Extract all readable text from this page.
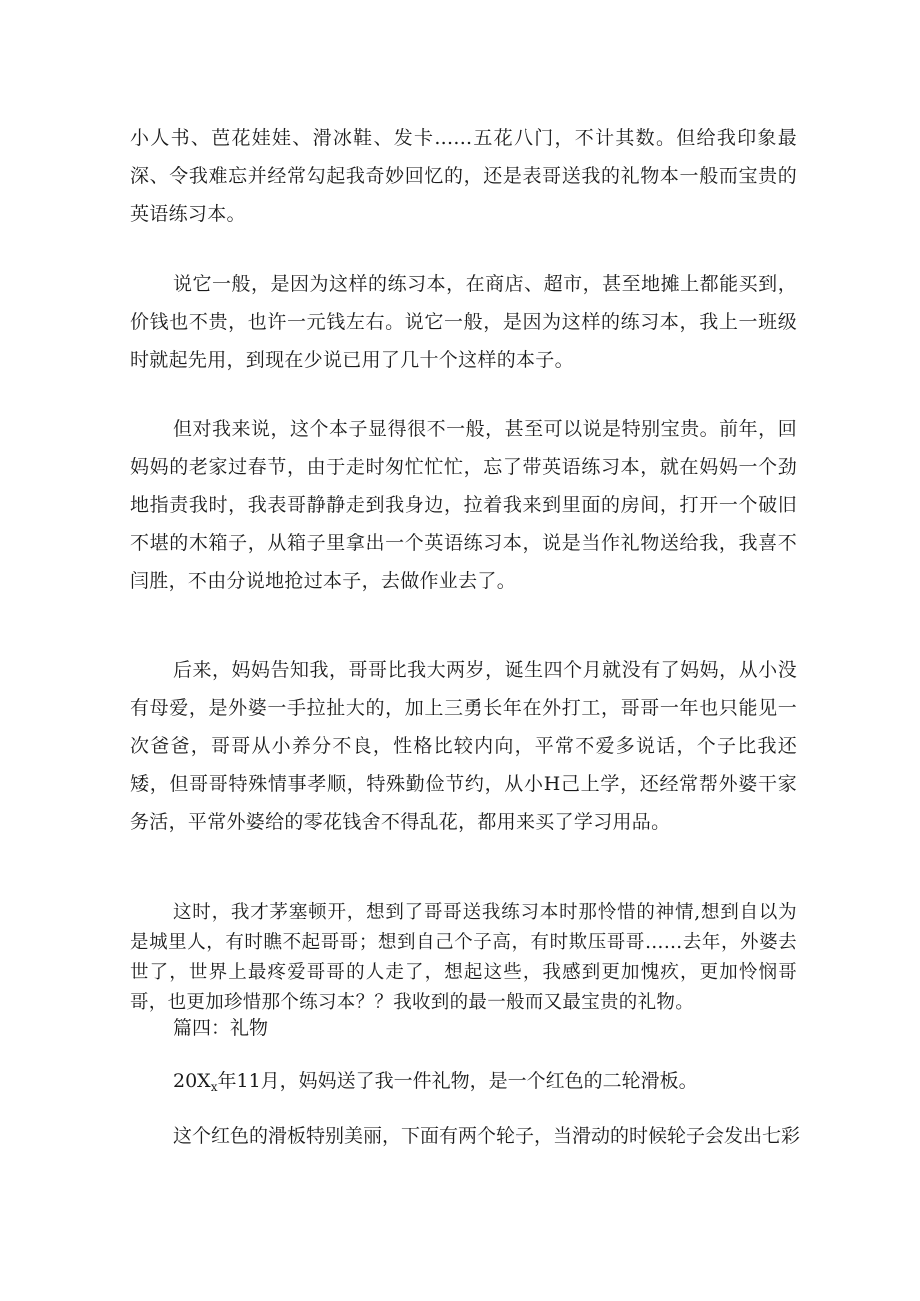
小人书、芭花娃娃、滑冰鞋、发卡......五花八门，不计其数。但给我印象最深、令我难忘并经常勾起我奇妙回忆的，还是表哥送我的礼物本一般而宝贵的英语练习本。

说它一般，是因为这样的练习本，在商店、超市，甚至地摊上都能买到，价钱也不贵，也许一元钱左右。说它一般，是因为这样的练习本，我上一班级时就起先用，到现在少说已用了几十个这样的本子。

但对我来说，这个本子显得很不一般，甚至可以说是特别宝贵。前年，回妈妈的老家过春节，由于走时匆忙忙忙，忘了带英语练习本，就在妈妈一个劲地指责我时，我表哥静静走到我身边，拉着我来到里面的房间，打开一个破旧不堪的木箱子，从箱子里拿出一个英语练习本，说是当作礼物送给我，我喜不闫胜，不由分说地抢过本子，去做作业去了。

后来，妈妈告知我，哥哥比我大两岁，诞生四个月就没有了妈妈，从小没有母爱，是外婆一手拉扯大的，加上三勇长年在外打工，哥哥一年也只能见一次爸爸，哥哥从小养分不良，性格比较内向，平常不爱多说话，个子比我还矮，但哥哥特殊情事孝顺，特殊勤俭节约，从小H己上学，还经常帮外婆干家务活，平常外婆给的零花钱舍不得乱花，都用来买了学习用品。

这时，我才茅塞顿开，想到了哥哥送我练习本时那怜惜的神情,想到自以为是城里人，有时瞧不起哥哥；想到自己个子高，有时欺压哥哥……去年，外婆去世了，世界上最疼爱哥哥的人走了，想起这些，我感到更加愧疚，更加怜悯哥哥，也更加珍惜那个练习本？？我收到的最一般而又最宝贵的礼物。

篇四：礼物

$20X_x$年11月，妈妈送了我一件礼物，是一个红色的二轮滑板。

这个红色的滑板特别美丽，下面有两个轮子，当滑动的时候轮子会发出七彩
